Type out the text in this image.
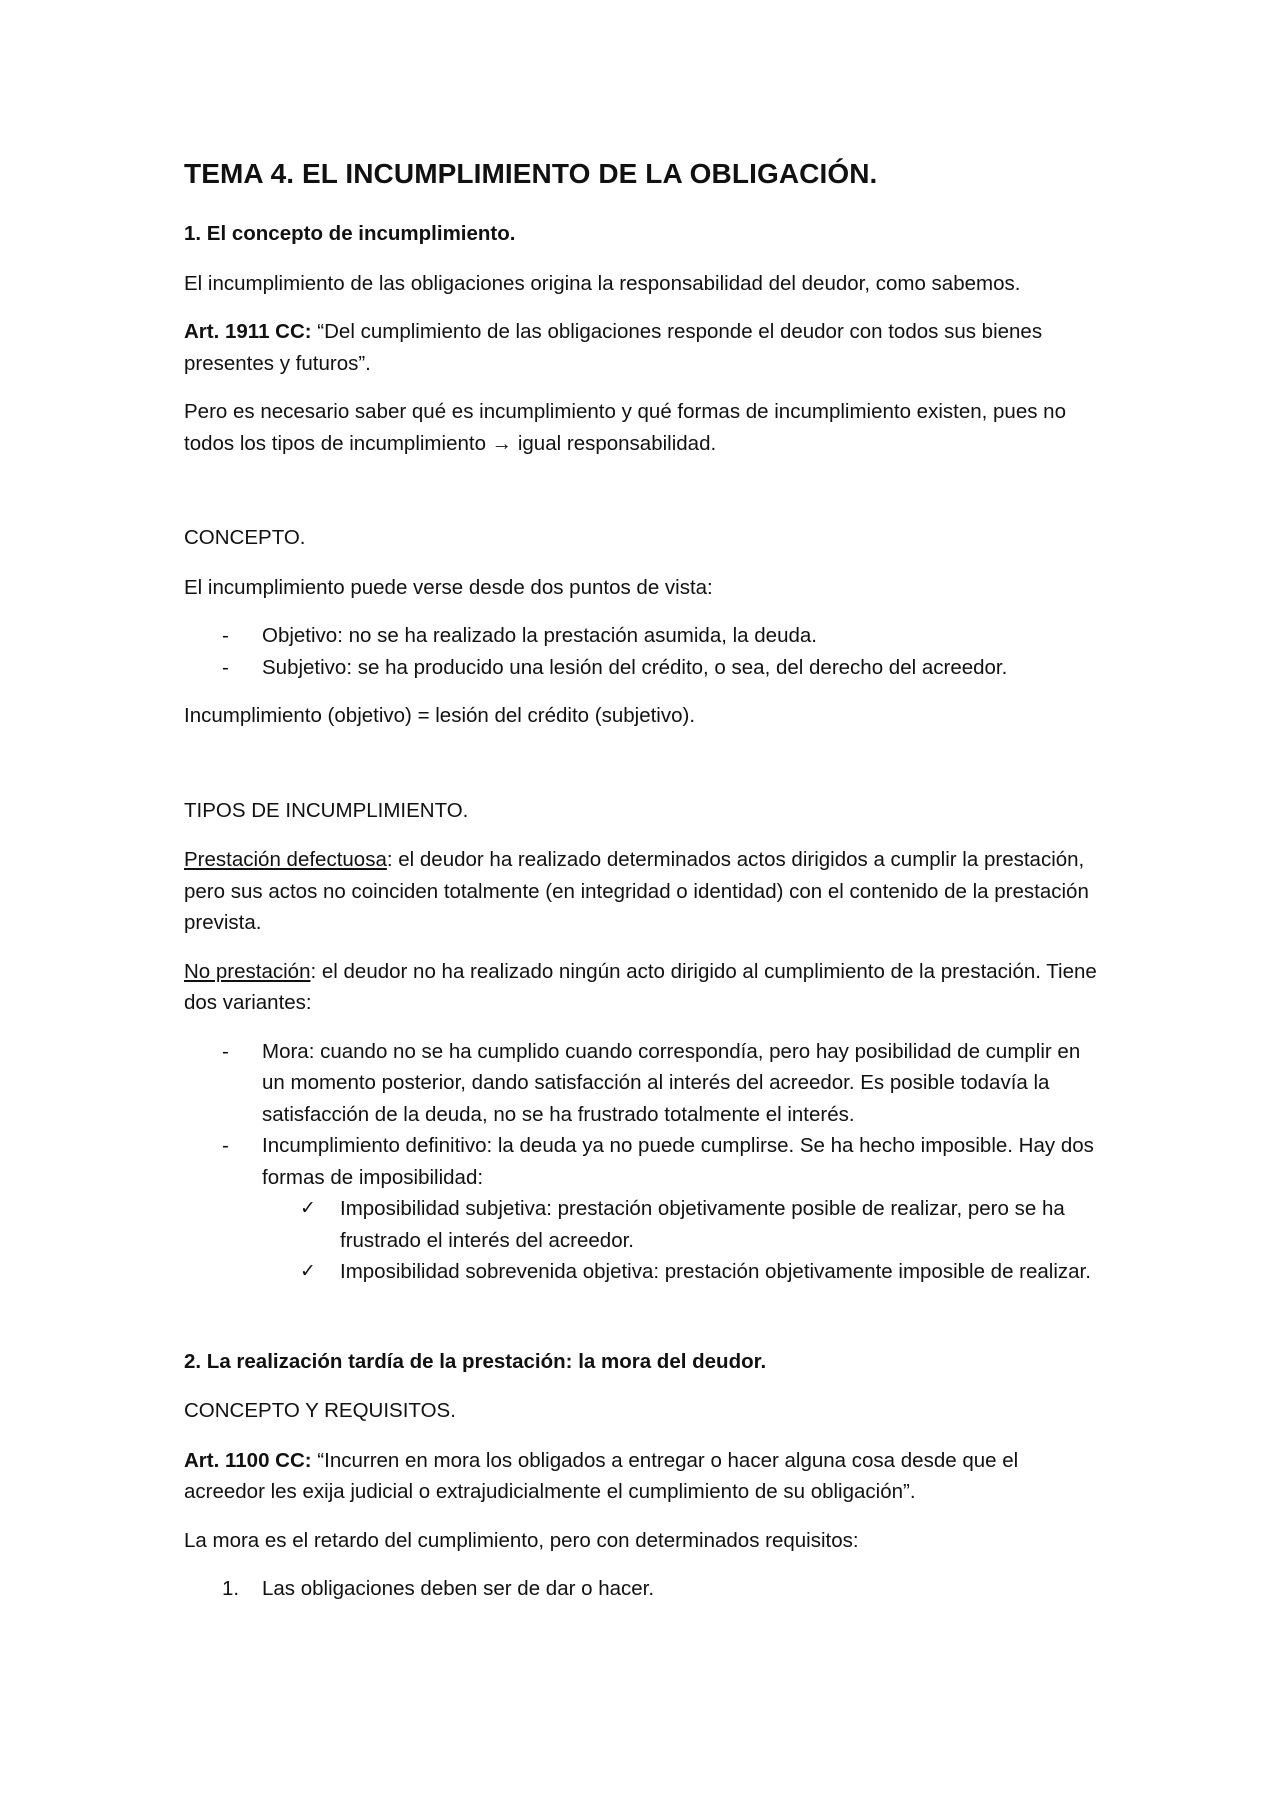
TEMA 4. EL INCUMPLIMIENTO DE LA OBLIGACIÓN.

1. El concepto de incumplimiento.

El incumplimiento de las obligaciones origina la responsabilidad del deudor, como sabemos.

Art. 1911 CC: “Del cumplimiento de las obligaciones responde el deudor con todos sus bienes presentes y futuros”.

Pero es necesario saber qué es incumplimiento y qué formas de incumplimiento existen, pues no todos los tipos de incumplimiento → igual responsabilidad.

CONCEPTO.

El incumplimiento puede verse desde dos puntos de vista:

- Objetivo: no se ha realizado la prestación asumida, la deuda.
- Subjetivo: se ha producido una lesión del crédito, o sea, del derecho del acreedor.

Incumplimiento (objetivo) = lesión del crédito (subjetivo).

TIPOS DE INCUMPLIMIENTO.

Prestación defectuosa: el deudor ha realizado determinados actos dirigidos a cumplir la prestación, pero sus actos no coinciden totalmente (en integridad o identidad) con el contenido de la prestación prevista.

No prestación: el deudor no ha realizado ningún acto dirigido al cumplimiento de la prestación. Tiene dos variantes:

- Mora: cuando no se ha cumplido cuando correspondía, pero hay posibilidad de cumplir en un momento posterior, dando satisfacción al interés del acreedor. Es posible todavía la satisfacción de la deuda, no se ha frustrado totalmente el interés.
- Incumplimiento definitivo: la deuda ya no puede cumplirse. Se ha hecho imposible. Hay dos formas de imposibilidad:
✓ Imposibilidad subjetiva: prestación objetivamente posible de realizar, pero se ha frustrado el interés del acreedor.
✓ Imposibilidad sobrevenida objetiva: prestación objetivamente imposible de realizar.

2. La realización tardía de la prestación: la mora del deudor.

CONCEPTO Y REQUISITOS.

Art. 1100 CC: “Incurren en mora los obligados a entregar o hacer alguna cosa desde que el acreedor les exija judicial o extrajudicialmente el cumplimiento de su obligación”.

La mora es el retardo del cumplimiento, pero con determinados requisitos:

1. Las obligaciones deben ser de dar o hacer.
